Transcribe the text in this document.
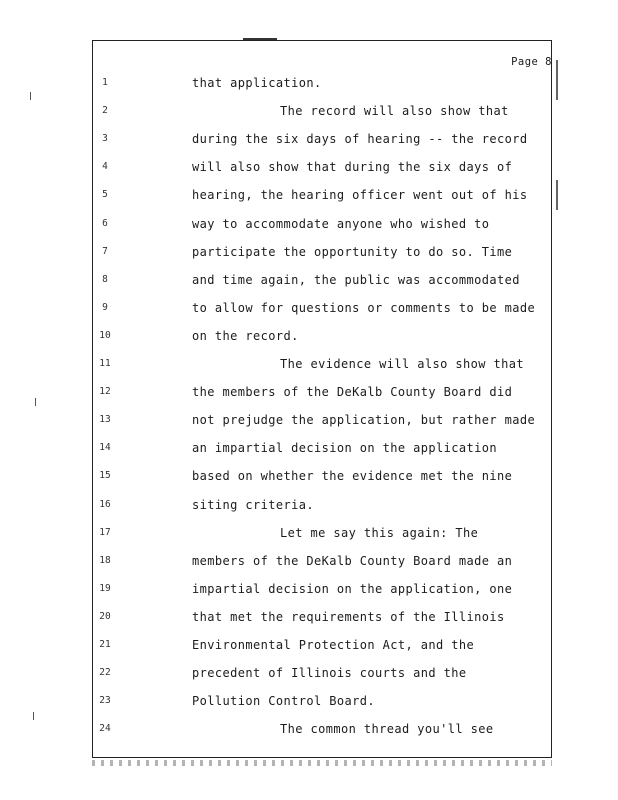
Page 8
1	that application.
2	The record will also show that
3	during the six days of hearing -- the record
4	will also show that during the six days of
5	hearing, the hearing officer went out of his
6	way to accommodate anyone who wished to
7	participate the opportunity to do so. Time
8	and time again, the public was accommodated
9	to allow for questions or comments to be made
10	on the record.
11	The evidence will also show that
12	the members of the DeKalb County Board did
13	not prejudge the application, but rather made
14	an impartial decision on the application
15	based on whether the evidence met the nine
16	siting criteria.
17	Let me say this again: The
18	members of the DeKalb County Board made an
19	impartial decision on the application, one
20	that met the requirements of the Illinois
21	Environmental Protection Act, and the
22	precedent of Illinois courts and the
23	Pollution Control Board.
24	The common thread you'll see
